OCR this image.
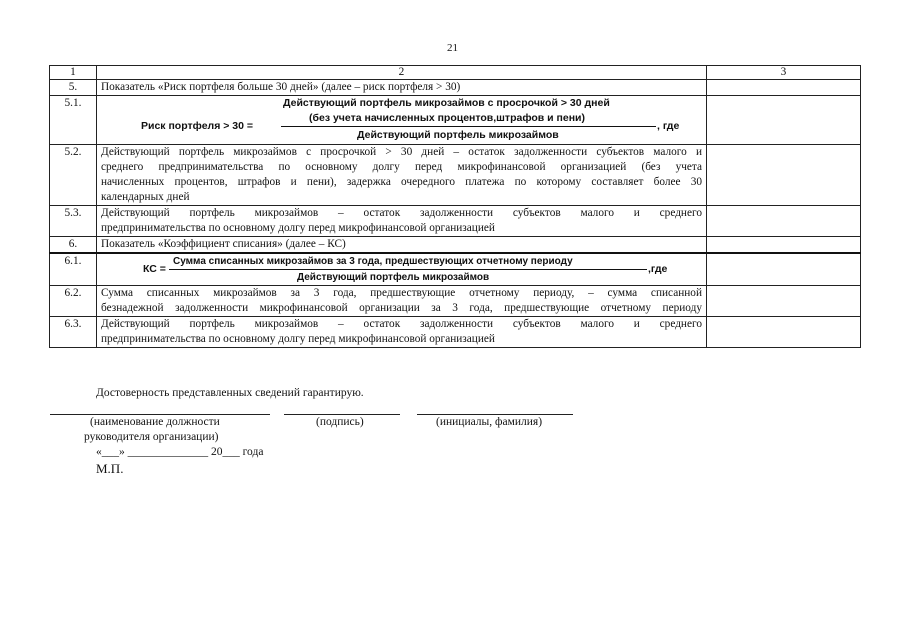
21
1	2	3
5.	Показатель «Риск портфеля больше 30 дней» (далее – риск портфеля > 30)	
5.1.	Действующий портфель микрозаймов с просрочкой > 30 дней
(без учета начисленных процентов,штрафов и пени)
Риск портфеля > 30 = , где
Действующий портфель микрозаймов	

5.2.	Действующий портфель микрозаймов с просрочкой > 30 дней – остаток задолженности субъектов малого и
среднего предпринимательства по основному долгу перед микрофинансовой организацией (без учета
начисленных процентов, штрафов и пени), задержка очередного платежа по которому составляет более 30
календарных дней	

5.3.	Действующий портфель микрозаймов – остаток задолженности субъектов малого и среднего
предпринимательства по основному долгу перед микрофинансовой организацией	

6.	Показатель «Коэффициент списания» (далее – КС)	
6.1.	Сумма списанных микрозаймов за 3 года, предшествующих отчетному периоду
КС = ,где
Действующий портфель микрозаймов	

6.2.	Сумма списанных микрозаймов за 3 года, предшествующие отчетному периоду, – сумма списанной
безнадежной задолженности микрофинансовой организации за 3 года, предшествующие отчетному периоду	

6.3.	Действующий портфель микрозаймов – остаток задолженности субъектов малого и среднего
предпринимательства по основному долгу перед микрофинансовой организацией	

Достоверность представленных сведений гарантирую.
(наименование должности
руководителя организации)
(подпись)	(инициалы, фамилия)
«___» ______________ 20___ года
М.П.
